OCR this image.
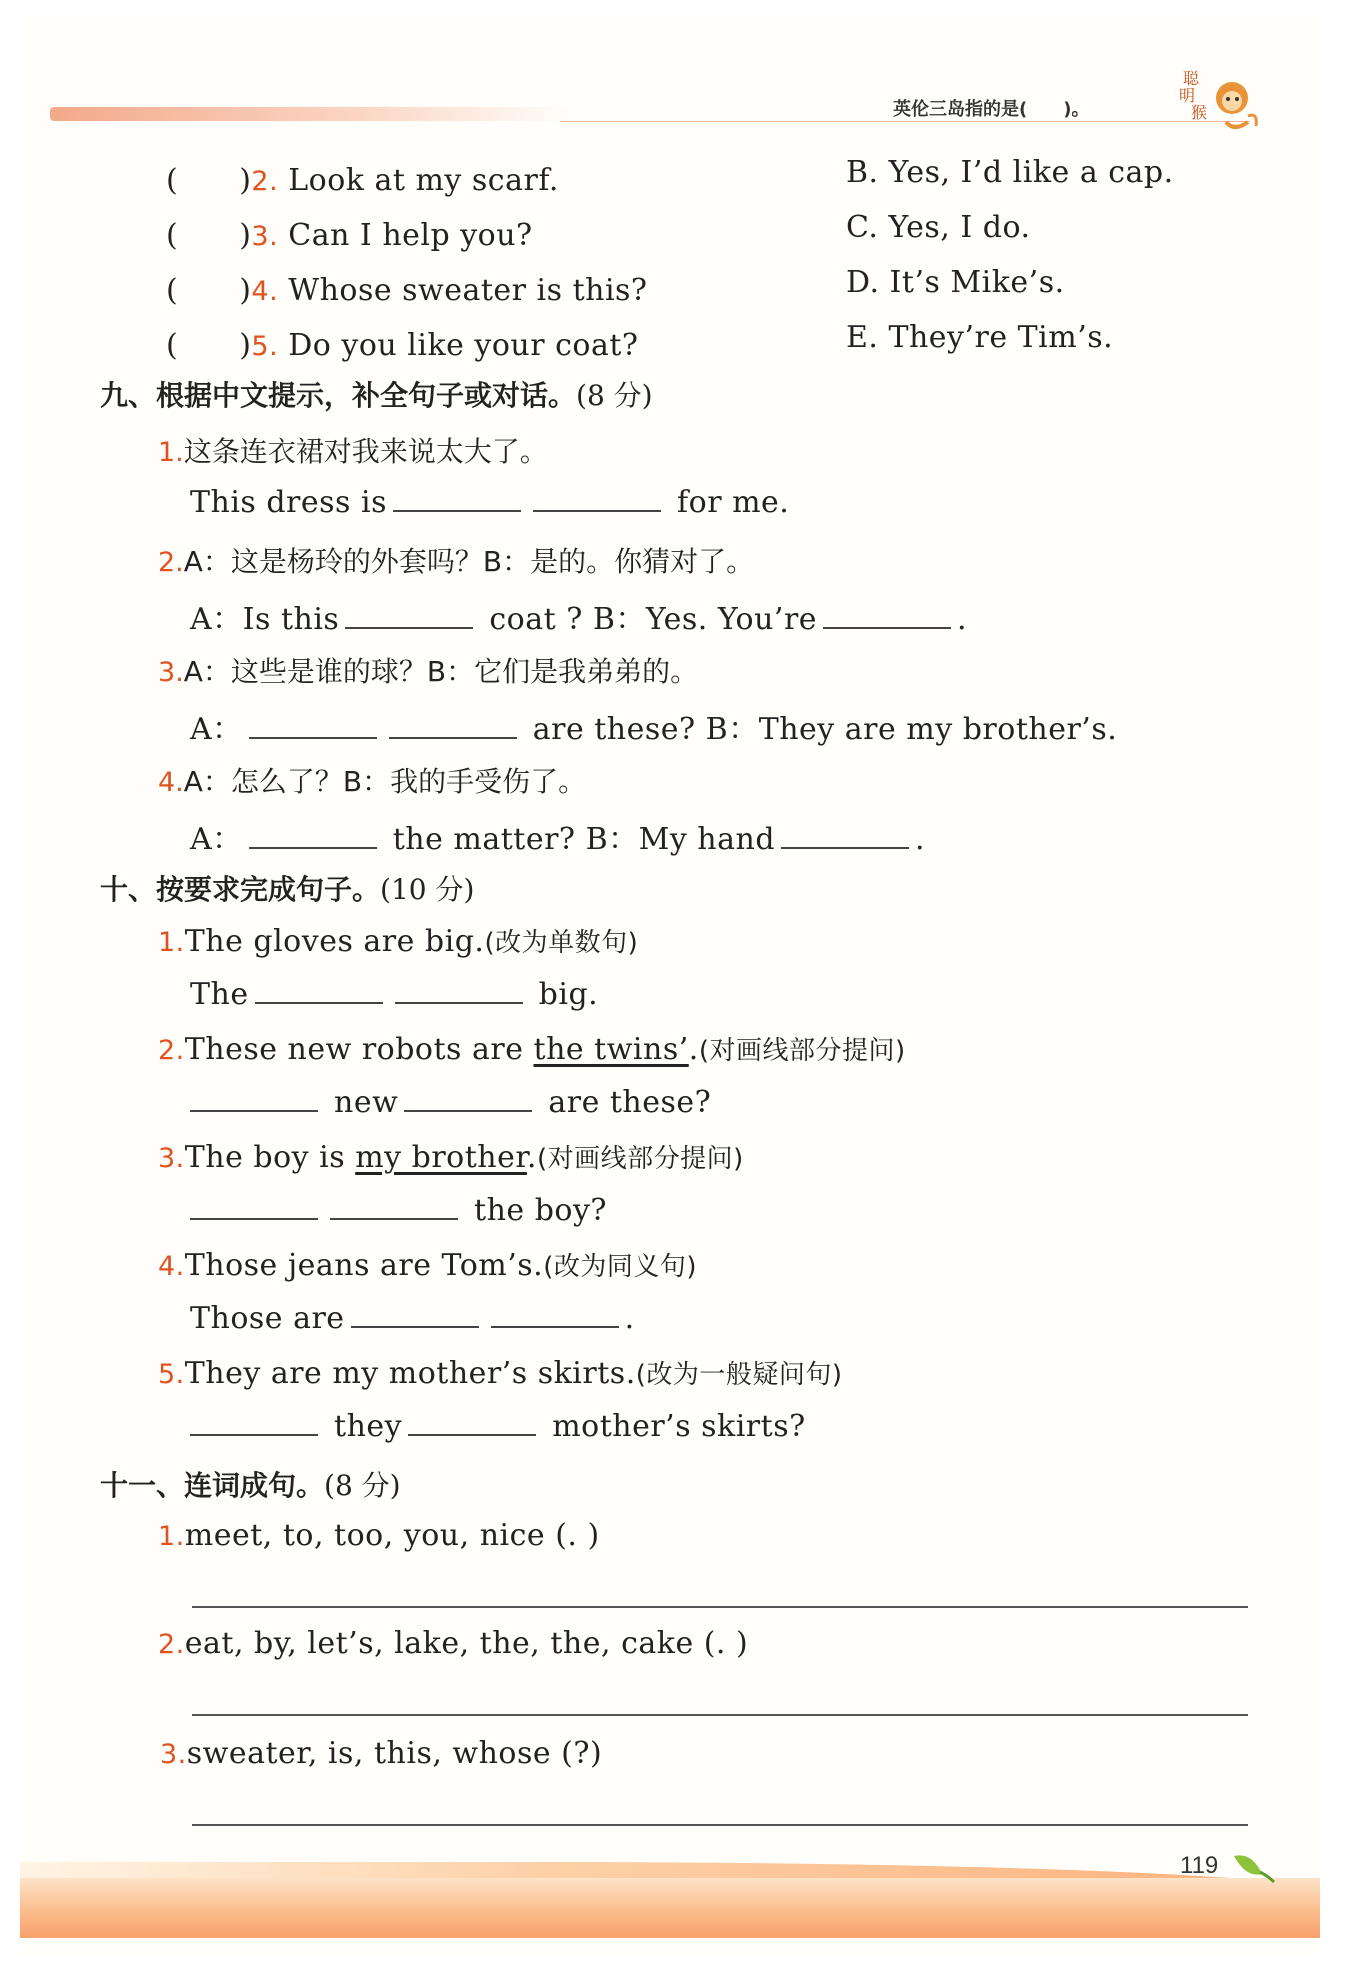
英伦三岛指的是(　　)。
聪
明
猴
(　　)2. Look at my scarf.	B. Yes, I’d like a cap.
(　　)3. Can I help you?	C. Yes, I do.
(　　)4. Whose sweater is this?	D. It’s Mike’s.
(　　)5. Do you like your coat?	E. They’re Tim’s.
九、根据中文提示，补全句子或对话。(8 分)
1.这条连衣裙对我来说太大了。
This dress is	for me.
2.A：这是杨玲的外套吗？B：是的。你猜对了。
A：Is this	coat ? B：Yes. You’re	.
3.A：这些是谁的球？B：它们是我弟弟的。
A：	are these? B：They are my brother’s.
4.A：怎么了？B：我的手受伤了。
A：	the matter? B：My hand	.
十、按要求完成句子。(10 分)
1.The gloves are big.(改为单数句)
The	big.
2.These new robots are the twins’.(对画线部分提问)
new	are these?
3.The boy is my brother.(对画线部分提问)
the boy?
4.Those jeans are Tom’s.(改为同义句)
Those are	.
5.They are my mother’s skirts.(改为一般疑问句)
they	mother’s skirts?
十一、连词成句。(8 分)
1.meet, to, too, you, nice (. )
2.eat, by, let’s, lake, the, the, cake (. )
3.sweater, is, this, whose (?)
119
